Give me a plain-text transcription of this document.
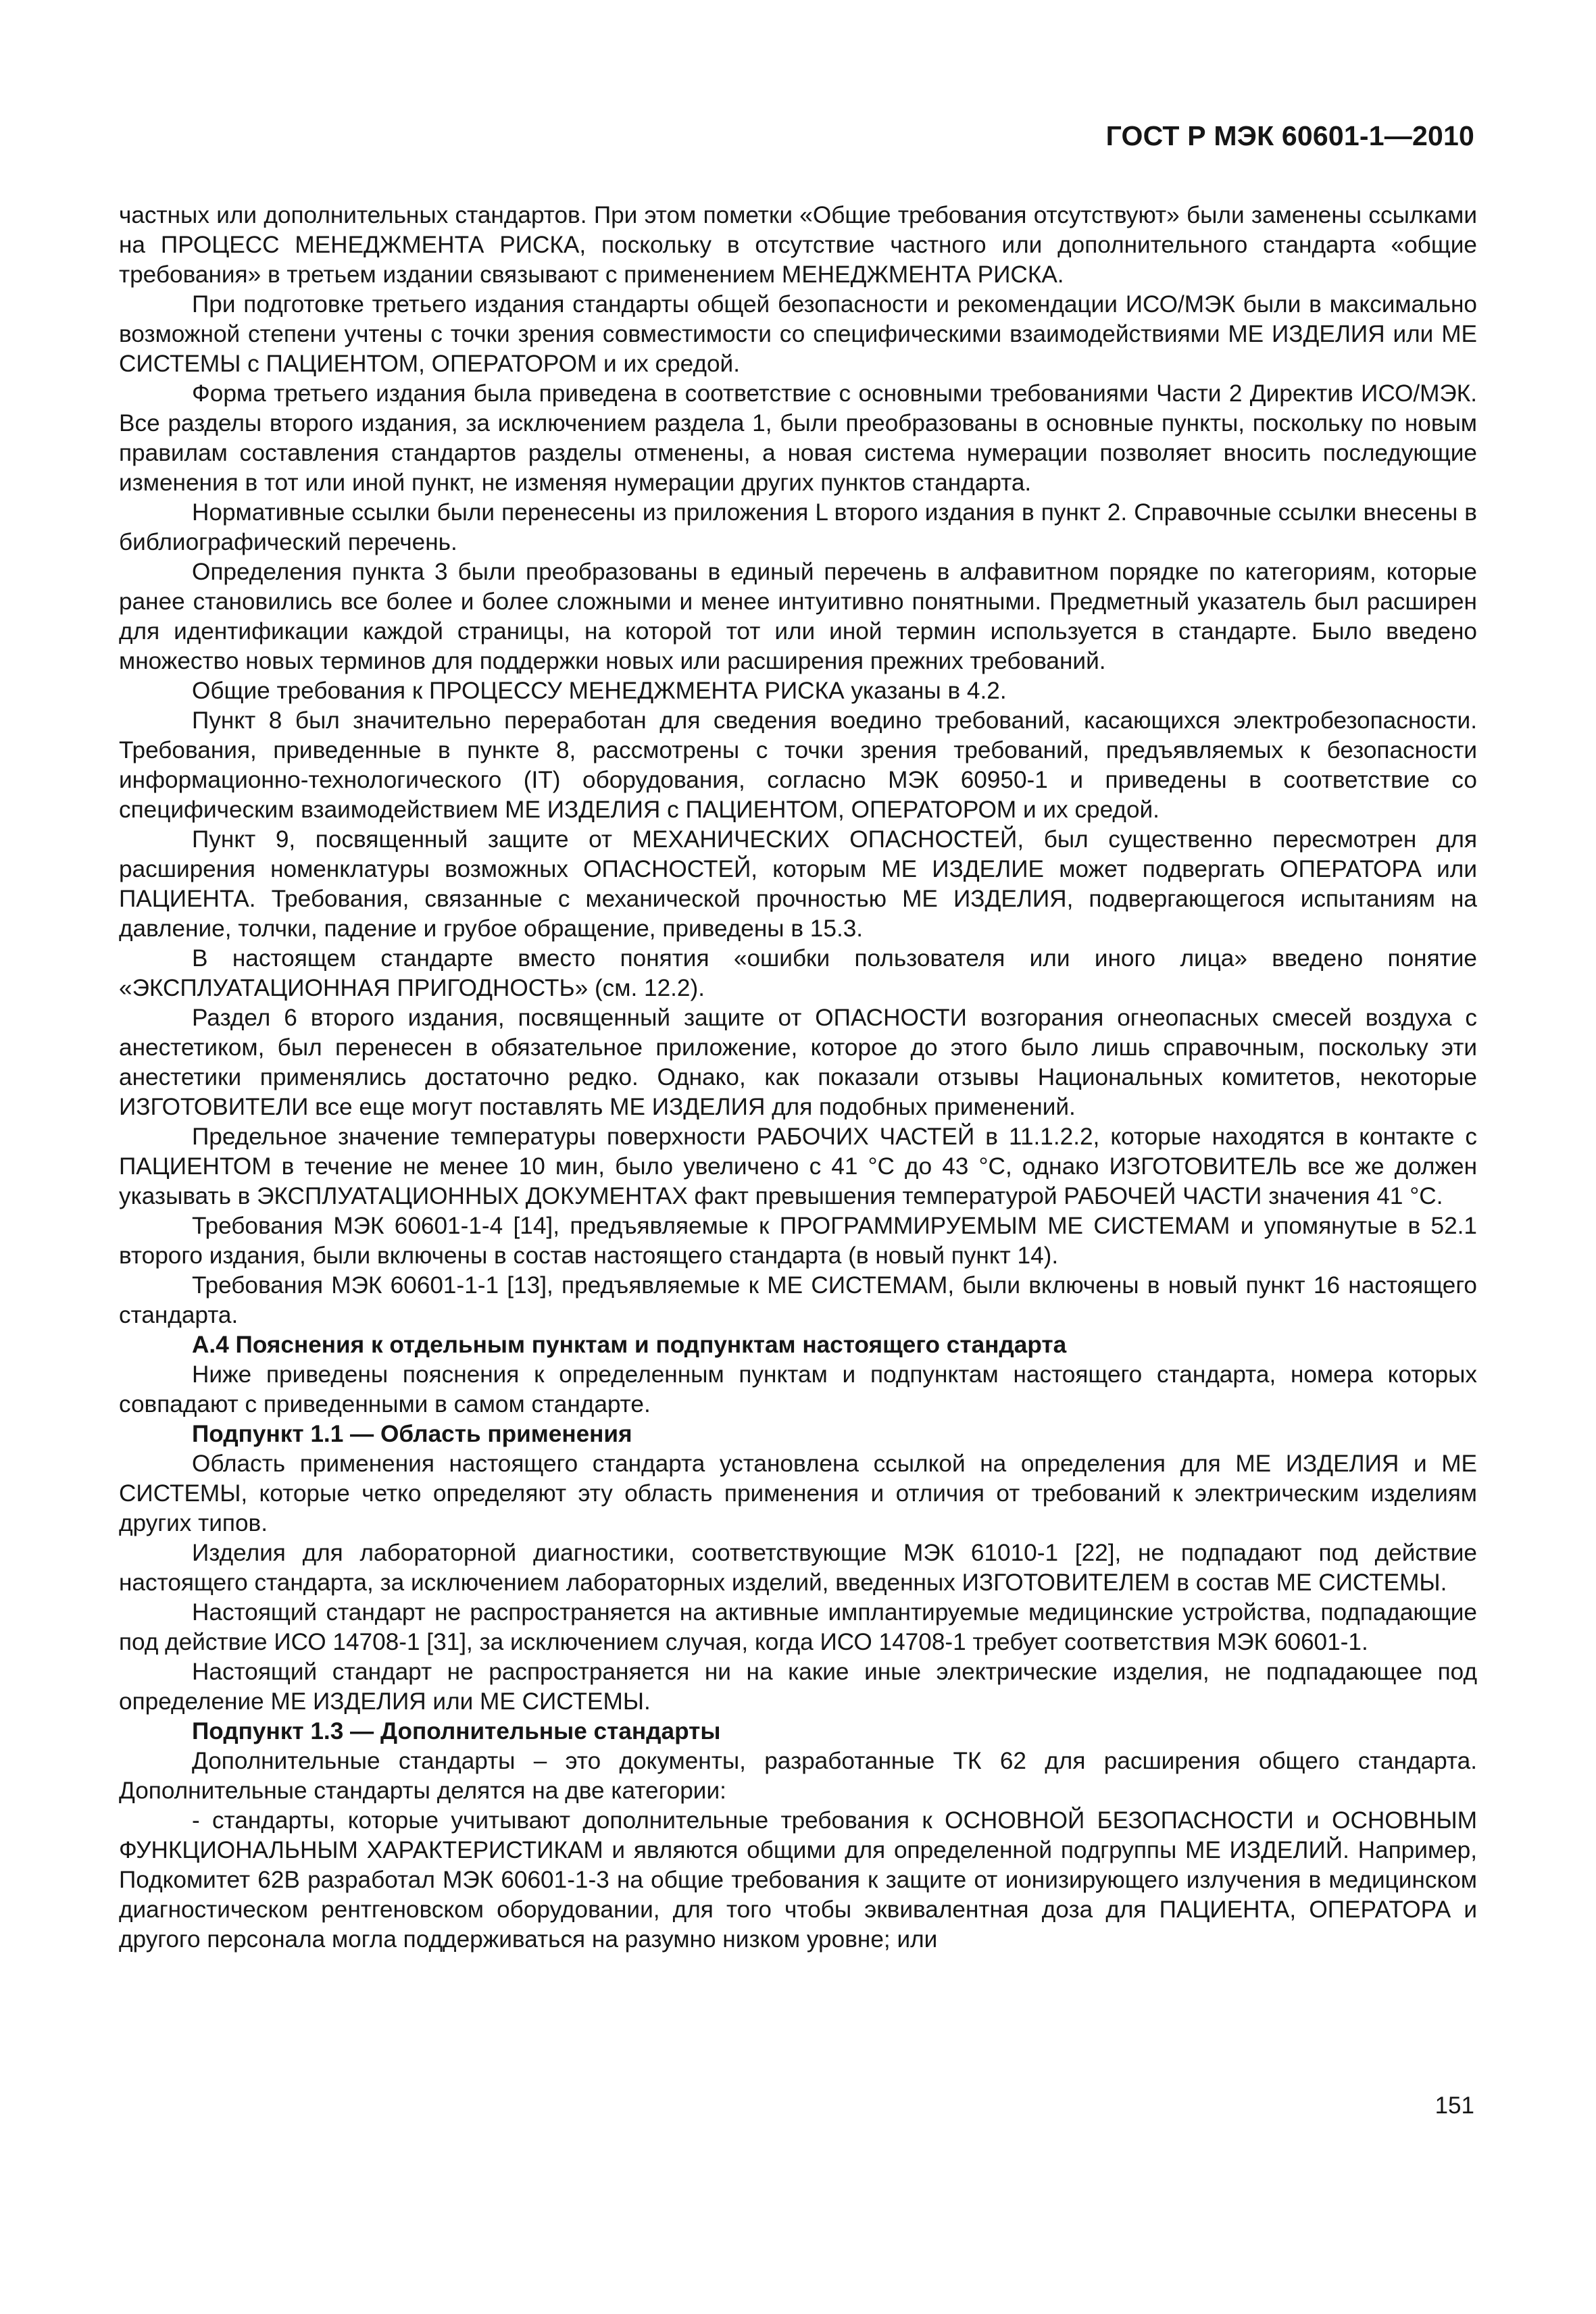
ГОСТ Р МЭК 60601-1—2010

частных или дополнительных стандартов. При этом пометки «Общие требования отсутствуют» были заменены ссылками на ПРОЦЕСС МЕНЕДЖМЕНТА РИСКА, поскольку в отсутствие частного или дополнительного стандарта «общие требования» в третьем издании связывают с применением МЕНЕДЖМЕНТА РИСКА.

При подготовке третьего издания стандарты общей безопасности и рекомендации ИСО/МЭК были в максимально возможной степени учтены с точки зрения совместимости со специфическими взаимодействиями МЕ ИЗДЕЛИЯ или МЕ СИСТЕМЫ с ПАЦИЕНТОМ, ОПЕРАТОРОМ и их средой.

Форма третьего издания была приведена в соответствие с основными требованиями Части 2 Директив ИСО/МЭК. Все разделы второго издания, за исключением раздела 1, были преобразованы в основные пункты, поскольку по новым правилам составления стандартов разделы отменены, а новая система нумерации позволяет вносить последующие изменения в тот или иной пункт, не изменяя нумерации других пунктов стандарта.

Нормативные ссылки были перенесены из приложения L второго издания в пункт 2. Справочные ссылки внесены в библиографический перечень.

Определения пункта 3 были преобразованы в единый перечень в алфавитном порядке по категориям, которые ранее становились все более и более сложными и менее интуитивно понятными. Предметный указатель был расширен для идентификации каждой страницы, на которой тот или иной термин используется в стандарте. Было введено множество новых терминов для поддержки новых или расширения прежних требований.

Общие требования к ПРОЦЕССУ МЕНЕДЖМЕНТА РИСКА указаны в 4.2.

Пункт 8 был значительно переработан для сведения воедино требований, касающихся электробезопасности. Требования, приведенные в пункте 8, рассмотрены с точки зрения требований, предъявляемых к безопасности информационно-технологического (IT) оборудования, согласно МЭК 60950-1 и приведены в соответствие со специфическим взаимодействием МЕ ИЗДЕЛИЯ с ПАЦИЕНТОМ, ОПЕРАТОРОМ и их средой.

Пункт 9, посвященный защите от МЕХАНИЧЕСКИХ ОПАСНОСТЕЙ, был существенно пересмотрен для расширения номенклатуры возможных ОПАСНОСТЕЙ, которым МЕ ИЗДЕЛИЕ может подвергать ОПЕРАТОРА или ПАЦИЕНТА. Требования, связанные с механической прочностью МЕ ИЗДЕЛИЯ, подвергающегося испытаниям на давление, толчки, падение и грубое обращение, приведены в 15.3.

В настоящем стандарте вместо понятия «ошибки пользователя или иного лица» введено понятие «ЭКСПЛУАТАЦИОННАЯ ПРИГОДНОСТЬ» (см. 12.2).

Раздел 6 второго издания, посвященный защите от ОПАСНОСТИ возгорания огнеопасных смесей воздуха с анестетиком, был перенесен в обязательное приложение, которое до этого было лишь справочным, поскольку эти анестетики применялись достаточно редко. Однако, как показали отзывы Национальных комитетов, некоторые ИЗГОТОВИТЕЛИ все еще могут поставлять МЕ ИЗДЕЛИЯ для подобных применений.

Предельное значение температуры поверхности РАБОЧИХ ЧАСТЕЙ в 11.1.2.2, которые находятся в контакте с ПАЦИЕНТОМ в течение не менее 10 мин, было увеличено с 41 °С до 43 °С, однако ИЗГОТОВИТЕЛЬ все же должен указывать в ЭКСПЛУАТАЦИОННЫХ ДОКУМЕНТАХ факт превышения температурой РАБОЧЕЙ ЧАСТИ значения 41 °С.

Требования МЭК 60601-1-4 [14], предъявляемые к ПРОГРАММИРУЕМЫМ МЕ СИСТЕМАМ и упомянутые в 52.1 второго издания, были включены в состав настоящего стандарта (в новый пункт 14).

Требования МЭК 60601-1-1 [13], предъявляемые к МЕ СИСТЕМАМ, были включены в новый пункт 16 настоящего стандарта.

А.4 Пояснения к отдельным пунктам и подпунктам настоящего стандарта

Ниже приведены пояснения к определенным пунктам и подпунктам настоящего стандарта, номера которых совпадают с приведенными в самом стандарте.

Подпункт 1.1 — Область применения

Область применения настоящего стандарта установлена ссылкой на определения для МЕ ИЗДЕЛИЯ и МЕ СИСТЕМЫ, которые четко определяют эту область применения и отличия от требований к электрическим изделиям других типов.

Изделия для лабораторной диагностики, соответствующие МЭК 61010-1 [22], не подпадают под действие настоящего стандарта, за исключением лабораторных изделий, введенных ИЗГОТОВИТЕЛЕМ в состав МЕ СИСТЕМЫ.

Настоящий стандарт не распространяется на активные имплантируемые медицинские устройства, подпадающие под действие ИСО 14708-1 [31], за исключением случая, когда ИСО 14708-1 требует соответствия МЭК 60601-1.

Настоящий стандарт не распространяется ни на какие иные электрические изделия, не подпадающее под определение МЕ ИЗДЕЛИЯ или МЕ СИСТЕМЫ.

Подпункт 1.3 — Дополнительные стандарты

Дополнительные стандарты – это документы, разработанные ТК 62 для расширения общего стандарта. Дополнительные стандарты делятся на две категории:

- стандарты, которые учитывают дополнительные требования к ОСНОВНОЙ БЕЗОПАСНОСТИ и ОСНОВНЫМ ФУНКЦИОНАЛЬНЫМ ХАРАКТЕРИСТИКАМ и являются общими для определенной подгруппы МЕ ИЗДЕЛИЙ. Например, Подкомитет 62В разработал МЭК 60601-1-3 на общие требования к защите от ионизирующего излучения в медицинском диагностическом рентгеновском оборудовании, для того чтобы эквивалентная доза для ПАЦИЕНТА, ОПЕРАТОРА и другого персонала могла поддерживаться на разумно низком уровне; или

151
